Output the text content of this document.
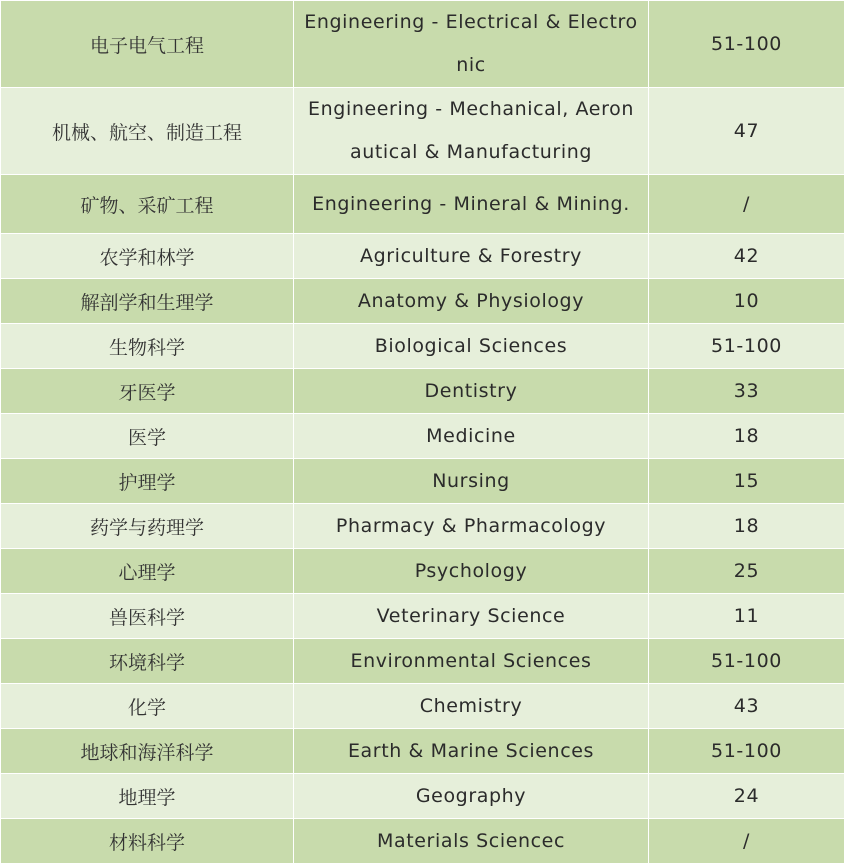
电子电气工程	Engineering - Electrical & Electronic	51-100
机械、航空、制造工程	Engineering - Mechanical, Aeronautical & Manufacturing	47
矿物、采矿工程	Engineering - Mineral & Mining.	/
农学和林学	Agriculture & Forestry	42
解剖学和生理学	Anatomy & Physiology	10
生物科学	Biological Sciences	51-100
牙医学	Dentistry	33
医学	Medicine	18
护理学	Nursing	15
药学与药理学	Pharmacy & Pharmacology	18
心理学	Psychology	25
兽医科学	Veterinary Science	11
环境科学	Environmental Sciences	51-100
化学	Chemistry	43
地球和海洋科学	Earth & Marine Sciences	51-100
地理学	Geography	24
材料科学	Materials Sciencec	/
